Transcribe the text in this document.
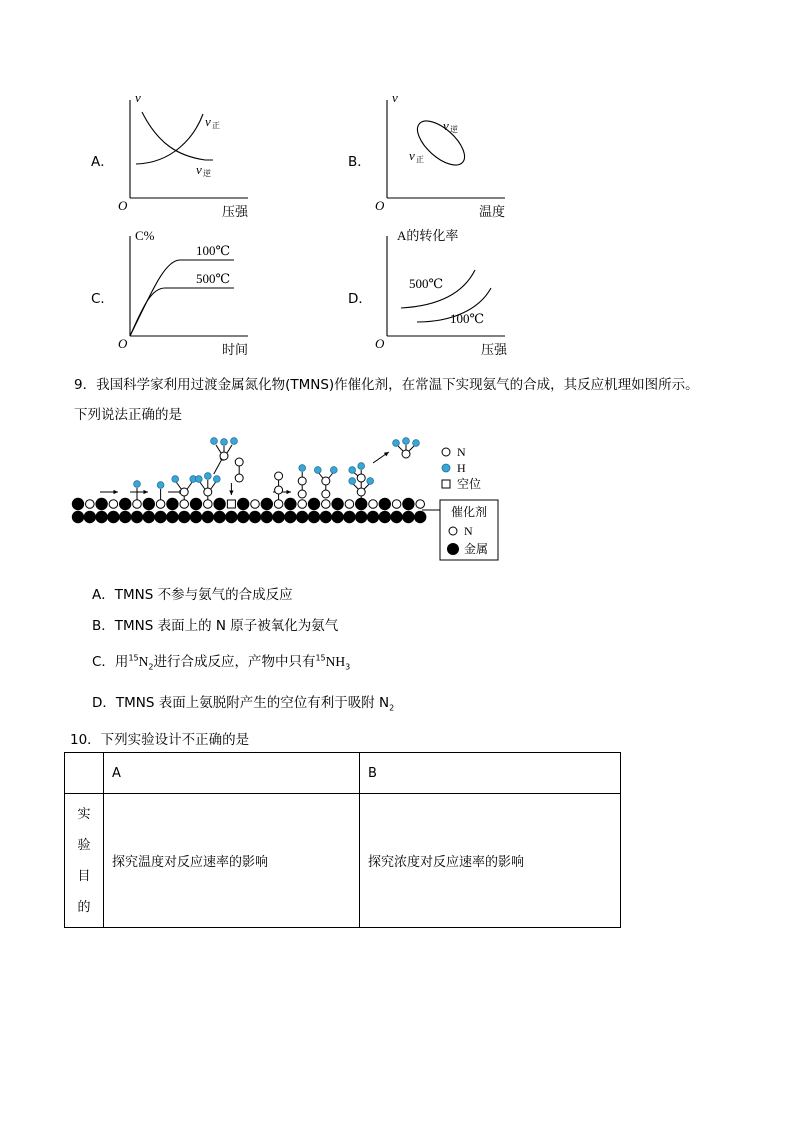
A．
v
O	压强
v 正
v 逆
B．
v
O	温度
v 逆
v 正
C．
C%
O	时间
100℃
500℃
D．
A的转化率
O	压强
500℃
100℃
9．我国科学家利用过渡金属氮化物(TMNS)作催化剂，在常温下实现氨气的合成，其反应机理如图所示。
下列说法正确的是
N
H
空位
催化剂
N
金属
A．TMNS 不参与氨气的合成反应
B．TMNS 表面上的 N 原子被氧化为氨气
C．用$^{15}N_2$进行合成反应，产物中只有$^{15}NH_3$
D．TMNS 表面上氨脱附产生的空位有利于吸附 $N_2$
10．下列实验设计不正确的是
	A	B

实
验
目
的	探究温度对反应速率的影响	探究浓度对反应速率的影响
